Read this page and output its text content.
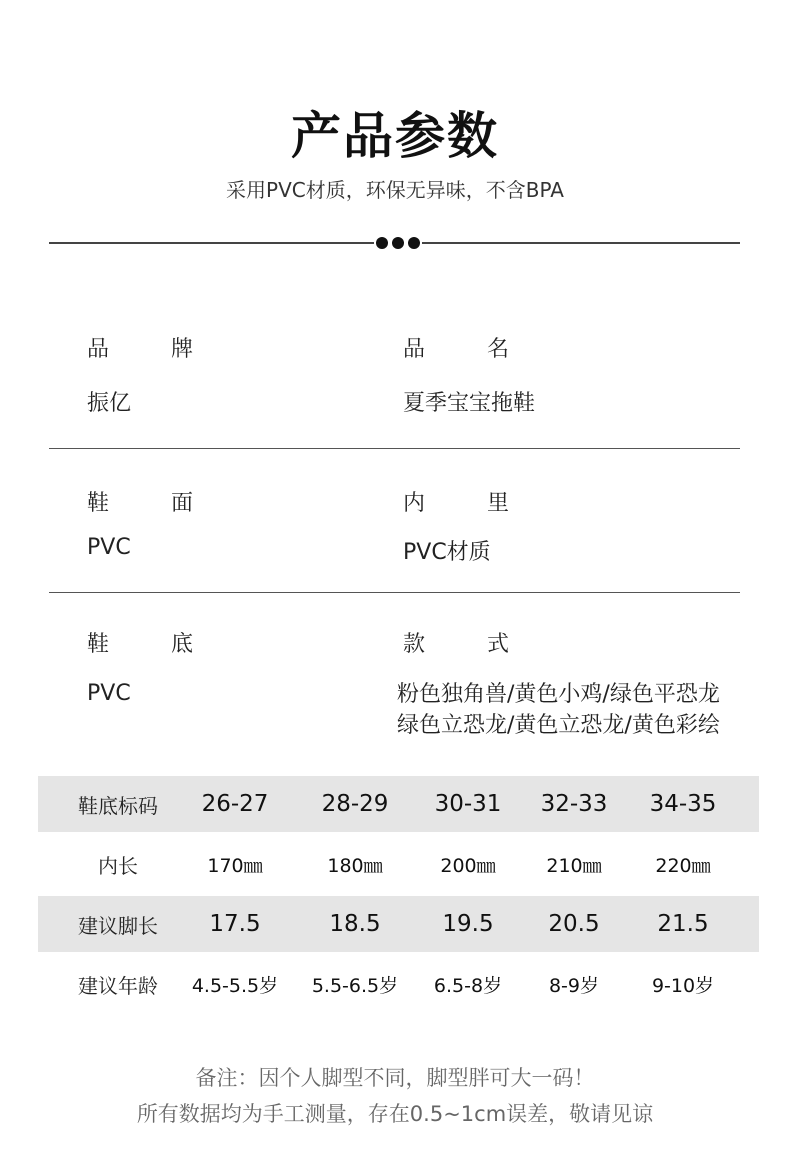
产品参数
采用PVC材质，环保无异味，不含BPA
品	牌
振亿
品	名
夏季宝宝拖鞋
鞋	面
PVC
内	里
PVC材质
鞋	底
PVC
款	式
粉色独角兽/黄色小鸡/绿色平恐龙
绿色立恐龙/黄色立恐龙/黄色彩绘
鞋底标码	26-27	28-29	30-31	32-33	34-35
内长	170㎜	180㎜	200㎜	210㎜	220㎜
建议脚长	17.5	18.5	19.5	20.5	21.5
建议年龄	4.5-5.5岁	5.5-6.5岁	6.5-8岁	8-9岁	9-10岁
备注：因个人脚型不同，脚型胖可大一码！
所有数据均为手工测量，存在0.5~1cm误差，敬请见谅
